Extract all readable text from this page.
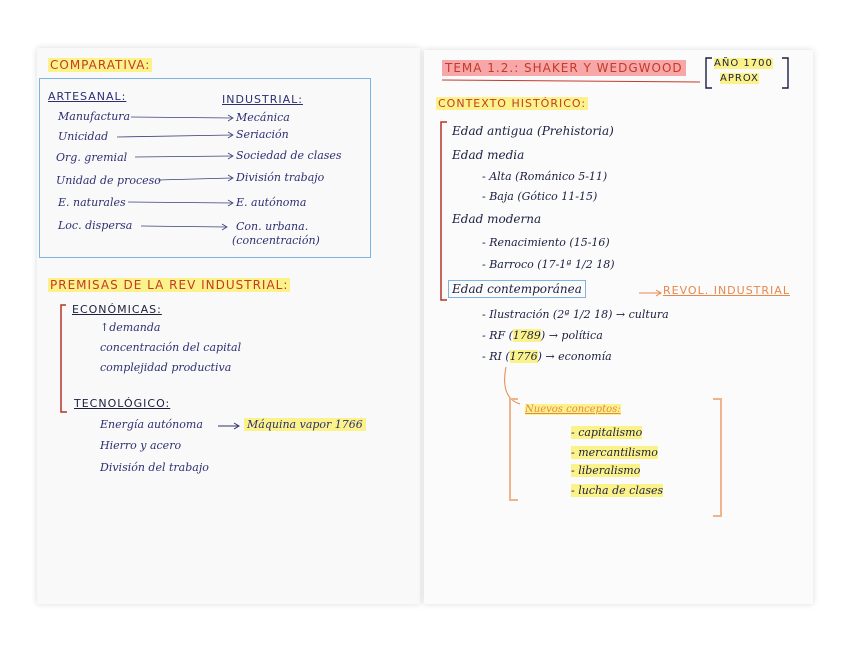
COMPARATIVA:
ARTESANAL:	INDUSTRIAL:
Manufactura	Mecánica
Unicidad	Seriación
Org. gremial	Sociedad de clases
Unidad de proceso	División trabajo
E. naturales	E. autónoma
Loc. dispersa	Con. urbana.
(concentración)
PREMISAS DE LA REV INDUSTRIAL:
ECONÓMICAS:
↑demanda
concentración del capital
complejidad productiva
TECNOLÓGICO:
Energía autónoma	Máquina vapor 1766
Hierro y acero
División del trabajo
TEMA 1.2.: SHAKER Y WEDGWOOD	AÑO 1700
APROX
CONTEXTO HISTÓRICO:
Edad antigua (Prehistoria)
Edad media
- Alta (Románico 5-11)
- Baja (Gótico 11-15)
Edad moderna
- Renacimiento (15-16)
- Barroco (17-1ª 1/2 18)
Edad contemporánea	REVOL. INDUSTRIAL
- Ilustración (2ª 1/2 18) → cultura
- RF (1789) → política
- RI (1776) → economía
Nuevos conceptos:
- capitalismo
- mercantilismo
- liberalismo
- lucha de clases
